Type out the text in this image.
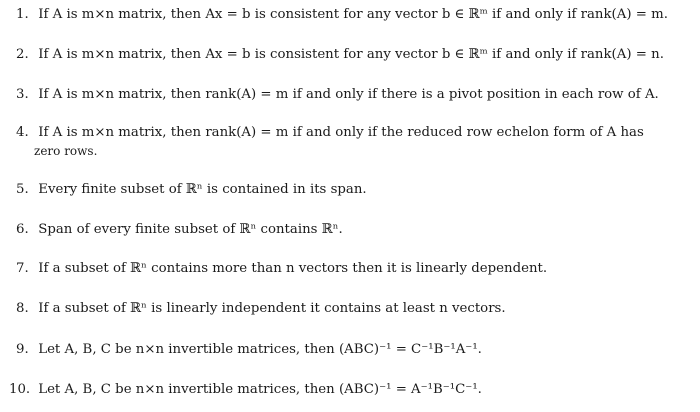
1. If A is m×n matrix, then Ax = b is consistent for any vector b ∈ ℝᵐ if and only if rank(A) = m.
2. If A is m×n matrix, then Ax = b is consistent for any vector b ∈ ℝᵐ if and only if rank(A) = n.
3. If A is m×n matrix, then rank(A) = m if and only if there is a pivot position in each row of A.
4. If A is m×n matrix, then rank(A) = m if and only if the reduced row echelon form of A has
zero rows.
5. Every finite subset of ℝⁿ is contained in its span.
6. Span of every finite subset of ℝⁿ contains ℝⁿ.
7. If a subset of ℝⁿ contains more than n vectors then it is linearly dependent.
8. If a subset of ℝⁿ is linearly independent it contains at least n vectors.
9. Let A, B, C be n×n invertible matrices, then (ABC)⁻¹ = C⁻¹B⁻¹A⁻¹.
10. Let A, B, C be n×n invertible matrices, then (ABC)⁻¹ = A⁻¹B⁻¹C⁻¹.
